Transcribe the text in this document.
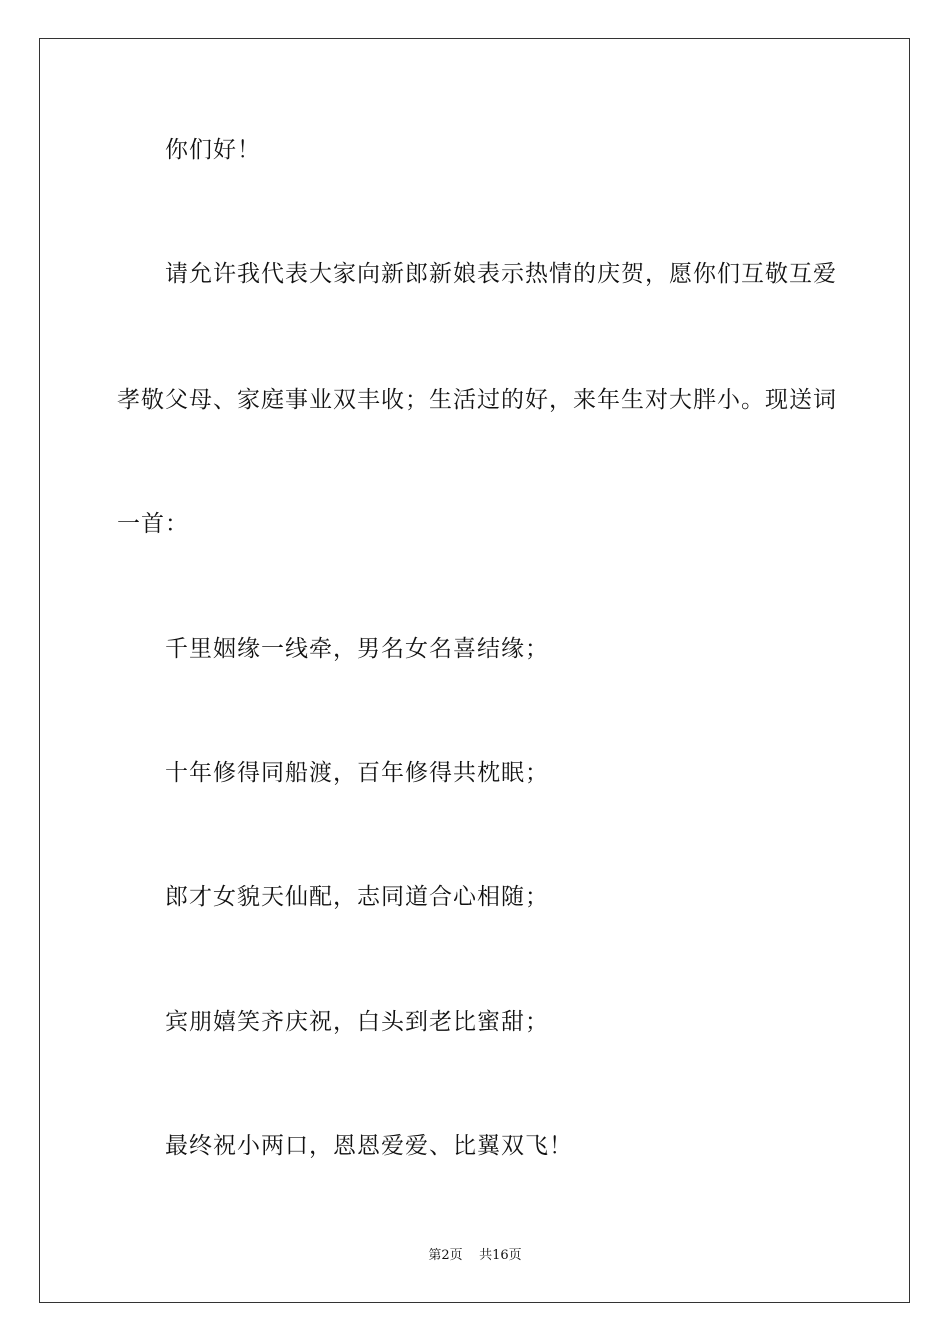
你们好！
请允许我代表大家向新郎新娘表示热情的庆贺，愿你们互敬互爱
孝敬父母、家庭事业双丰收；生活过的好，来年生对大胖小。现送词
一首：
千里姻缘一线牵，男名女名喜结缘；
十年修得同船渡，百年修得共枕眠；
郎才女貌天仙配，志同道合心相随；
宾朋嬉笑齐庆祝，白头到老比蜜甜；
最终祝小两口，恩恩爱爱、比翼双飞！
第2页 共16页
